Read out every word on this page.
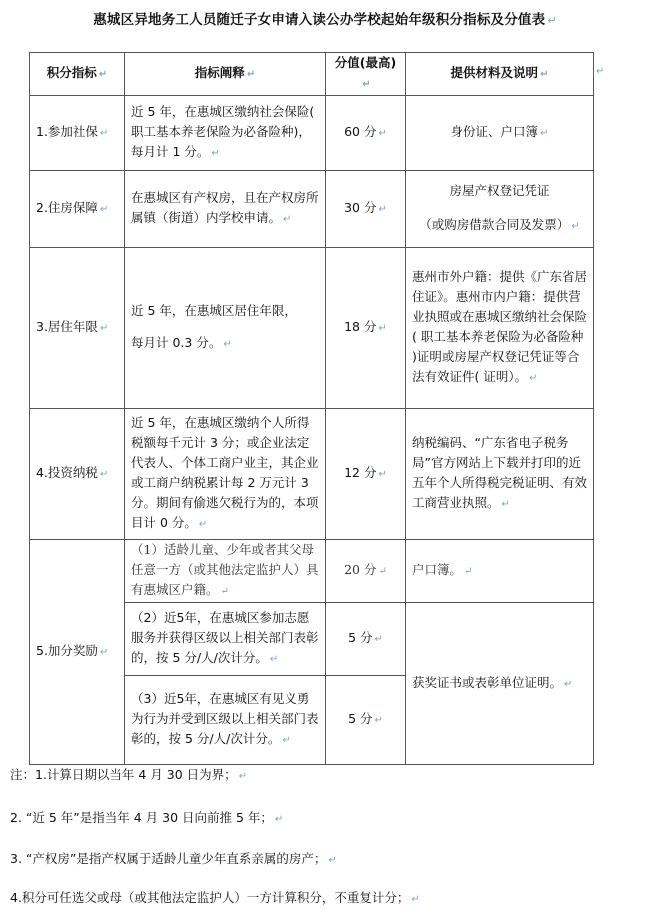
惠城区异地务工人员随迁子女申请入读公办学校起始年级积分指标及分值表 ↵
↵
积分指标 ↵	指标阐释 ↵	分值(最高)↵	提供材料及说明 ↵
1.参加社保 ↵	近 5 年，在惠城区缴纳社会保险( 职工基本养老保险为必备险种)，每月计 1 分。 ↵	60 分 ↵	身份证、户口簿 ↵
2.住房保障 ↵	在惠城区有产权房，且在产权房所属镇（街道）内学校申请。 ↵	30 分 ↵	房屋产权登记凭证
（或购房借款合同及发票） ↵

3.居住年限 ↵	近 5 年，在惠城区居住年限，
每月计 0.3 分。 ↵	18 分 ↵	惠州市外户籍：提供《广东省居住证》。惠州市内户籍：提供营业执照或在惠城区缴纳社会保险( 职工基本养老保险为必备险种 )证明或房屋产权登记凭证等合法有效证件( 证明）。 ↵
4.投资纳税 ↵	近 5 年，在惠城区缴纳个人所得税额每千元计 3 分；或企业法定代表人、个体工商户业主，其企业或工商户纳税累计每 2 万元计 3 分。期间有偷逃欠税行为的，本项目计 0 分。 ↵	12 分 ↵	纳税编码、“广东省电子税务局”官方网站上下载并打印的近五年个人所得税完税证明、有效工商营业执照。 ↵
5.加分奖励 ↵	（1）适龄儿童、少年或者其父母任意一方（或其他法定监护人）具有惠城区户籍。 ↵	20 分 ↵	户口簿。 ↵
	（2）近5年，在惠城区参加志愿服务并获得区级以上相关部门表彰的，按 5 分/人/次计分。 ↵	5 分 ↵	获奖证书或表彰单位证明。 ↵
	（3）近5年，在惠城区有见义勇为行为并受到区级以上相关部门表彰的，按 5 分/人/次计分。 ↵	5 分 ↵	
注：1.计算日期以当年 4 月 30 日为界； ↵
2. “近 5 年”是指当年 4 月 30 日向前推 5 年； ↵
3. “产权房”是指产权属于适龄儿童少年直系亲属的房产； ↵
4.积分可任选父或母（或其他法定监护人）一方计算积分，不重复计分； ↵
